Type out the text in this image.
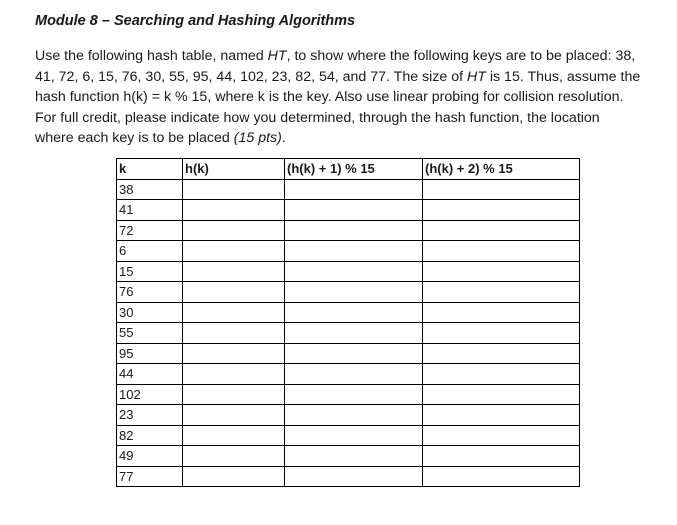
Module 8 – Searching and Hashing Algorithms
Use the following hash table, named HT, to show where the following keys are to be placed: 38,
41, 72, 6, 15, 76, 30, 55, 95, 44, 102, 23, 82, 54, and 77. The size of HT is 15. Thus, assume the
hash function h(k) = k % 15, where k is the key. Also use linear probing for collision resolution.
For full credit, please indicate how you determined, through the hash function, the location
where each key is to be placed (15 pts).
k	h(k)	(h(k) + 1) % 15	(h(k) + 2) % 15
38			
41			
72			
6			
15			
76			
30			
55			
95			
44			
102			
23			
82			
49			
77			
